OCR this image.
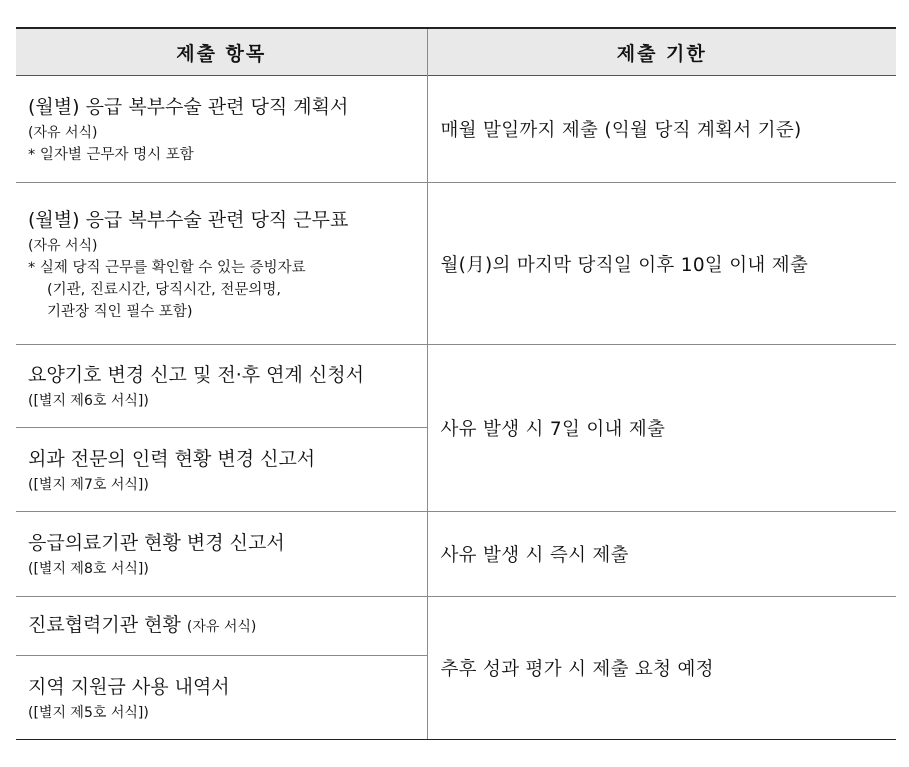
제출 항목	제출 기한

(월별) 응급 복부수술 관련 당직 계획서
(자유 서식)
* 일자별 근무자 명시 포함	매월 말일까지 제출 (익월 당직 계획서 기준)

(월별) 응급 복부수술 관련 당직 근무표
(자유 서식)
* 실제 당직 근무를 확인할 수 있는 증빙자료
(기관, 진료시간, 당직시간, 전문의명,
기관장 직인 필수 포함)	월(月)의 마지막 당직일 이후 10일 이내 제출

요양기호 변경 신고 및 전·후 연계 신청서
([별지 제6호 서식])	사유 발생 시 7일 이내 제출

외과 전문의 인력 현황 변경 신고서
([별지 제7호 서식])	

응급의료기관 현황 변경 신고서
([별지 제8호 서식])	사유 발생 시 즉시 제출

진료협력기관 현황 (자유 서식)	추후 성과 평가 시 제출 요청 예정

지역 지원금 사용 내역서
([별지 제5호 서식])	
